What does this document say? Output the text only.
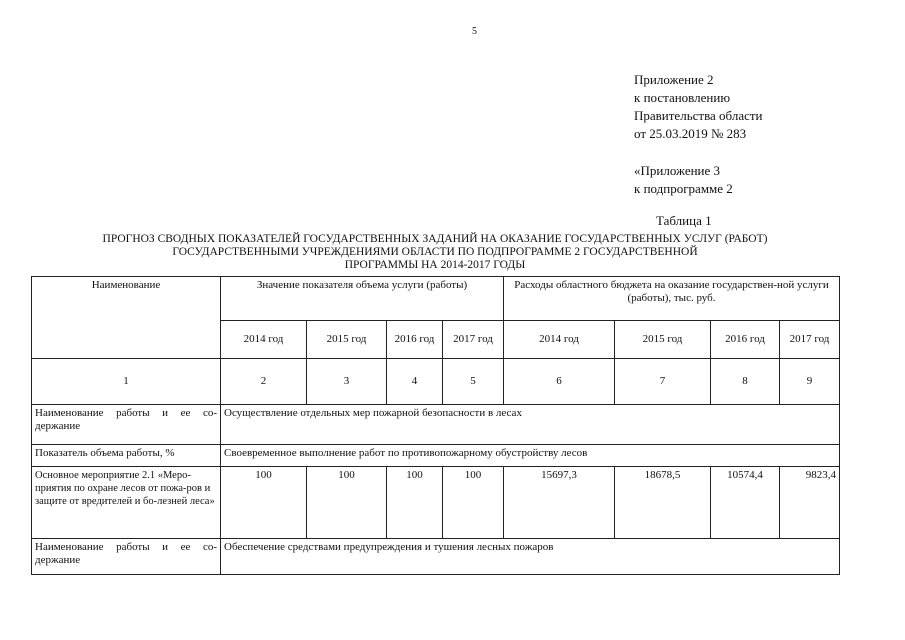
5
Приложение 2
к постановлению
Правительства области
от 25.03.2019 № 283
«Приложение 3
к подпрограмме 2
Таблица 1
ПРОГНОЗ СВОДНЫХ ПОКАЗАТЕЛЕЙ ГОСУДАРСТВЕННЫХ ЗАДАНИЙ НА ОКАЗАНИЕ ГОСУДАРСТВЕННЫХ УСЛУГ (РАБОТ)
ГОСУДАРСТВЕННЫМИ УЧРЕЖДЕНИЯМИ ОБЛАСТИ ПО ПОДПРОГРАММЕ 2 ГОСУДАРСТВЕННОЙ
ПРОГРАММЫ НА 2014-2017 ГОДЫ
Наименование	Значение показателя объема услуги (работы)				Расходы областного бюджета на оказание государствен-ной услуги (работы), тыс. руб.			
	2014 год	2015 год	2016 год	2017 год	2014 год	2015 год	2016 год	2017 год
1	2	3	4	5	6	7	8	9
Наименование работы и ее со-держание	Осуществление отдельных мер пожарной безопасности в лесах							
Показатель объема работы, %	Своевременное выполнение работ по противопожарному обустройству лесов							
Основное мероприятие 2.1 «Меро-приятия по охране лесов от пожа-ров и защите от вредителей и бо-лезней леса»	100	100	100	100	15697,3	18678,5	10574,4	9823,4
Наименование работы и ее со-держание	Обеспечение средствами предупреждения и тушения лесных пожаров							
